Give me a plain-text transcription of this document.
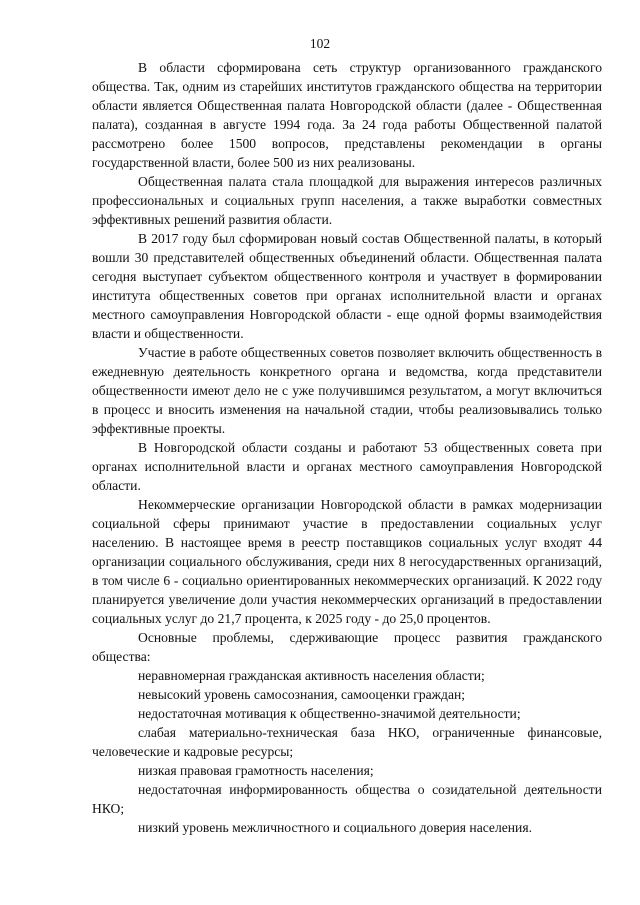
102

В области сформирована сеть структур организованного гражданского общества. Так, одним из старейших институтов гражданского общества на территории области является Общественная палата Новгородской области (далее - Общественная палата), созданная в августе 1994 года. За 24 года работы Общественной палатой рассмотрено более 1500 вопросов, представлены рекомендации в органы государственной власти, более 500 из них реализованы.

Общественная палата стала площадкой для выражения интересов различных профессиональных и социальных групп населения, а также выработки совместных эффективных решений развития области.

В 2017 году был сформирован новый состав Общественной палаты, в который вошли 30 представителей общественных объединений области. Общественная палата сегодня выступает субъектом общественного контроля и участвует в формировании института общественных советов при органах исполнительной власти и органах местного самоуправления Новгородской области - еще одной формы взаимодействия власти и общественности.

Участие в работе общественных советов позволяет включить общественность в ежедневную деятельность конкретного органа и ведомства, когда представители общественности имеют дело не с уже получившимся результатом, а могут включиться в процесс и вносить изменения на начальной стадии, чтобы реализовывались только эффективные проекты.

В Новгородской области созданы и работают 53 общественных совета при органах исполнительной власти и органах местного самоуправления Новгородской области.

Некоммерческие организации Новгородской области в рамках модернизации социальной сферы принимают участие в предоставлении социальных услуг населению. В настоящее время в реестр поставщиков социальных услуг входят 44 организации социального обслуживания, среди них 8 негосударственных организаций, в том числе 6 - социально ориентированных некоммерческих организаций. К 2022 году планируется увеличение доли участия некоммерческих организаций в предоставлении социальных услуг до 21,7 процента, к 2025 году - до 25,0 процентов.

Основные проблемы, сдерживающие процесс развития гражданского общества:

неравномерная гражданская активность населения области;
невысокий уровень самосознания, самооценки граждан;
недостаточная мотивация к общественно-значимой деятельности;
слабая материально-техническая база НКО, ограниченные финансовые, человеческие и кадровые ресурсы;
низкая правовая грамотность населения;
недостаточная информированность общества о созидательной деятельности НКО;
низкий уровень межличностного и социального доверия населения.
